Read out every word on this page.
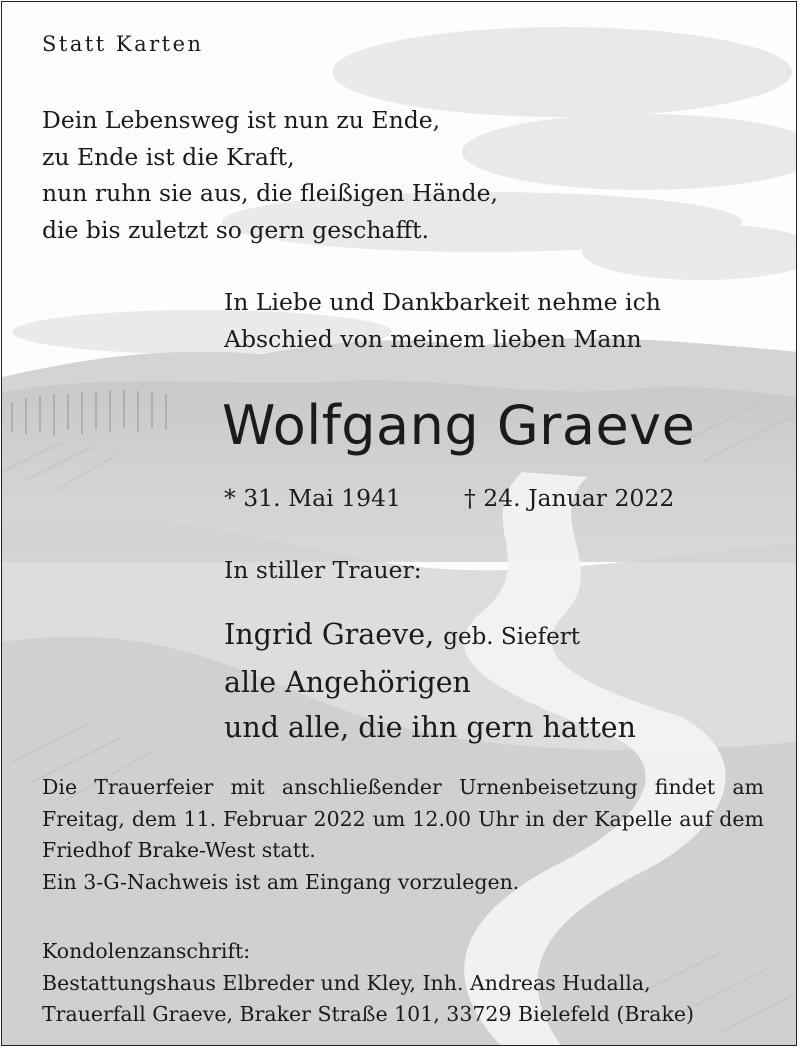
Statt Karten
Dein Lebensweg ist nun zu Ende,
zu Ende ist die Kraft,
nun ruhn sie aus, die fleißigen Hände,
die bis zuletzt so gern geschafft.
In Liebe und Dankbarkeit nehme ich
Abschied von meinem lieben Mann
Wolfgang Graeve
* 31. Mai 1941	† 24. Januar 2022
In stiller Trauer:
Ingrid Graeve, geb. Siefert
alle Angehörigen
und alle, die ihn gern hatten
Die Trauerfeier mit anschließender Urnenbeisetzung findet am
Freitag, dem 11. Februar 2022 um 12.00 Uhr in der Kapelle auf dem
Friedhof Brake-West statt.
Ein 3-G-Nachweis ist am Eingang vorzulegen.
Kondolenzanschrift:
Bestattungshaus Elbreder und Kley, Inh. Andreas Hudalla,
Trauerfall Graeve, Braker Straße 101, 33729 Bielefeld (Brake)
